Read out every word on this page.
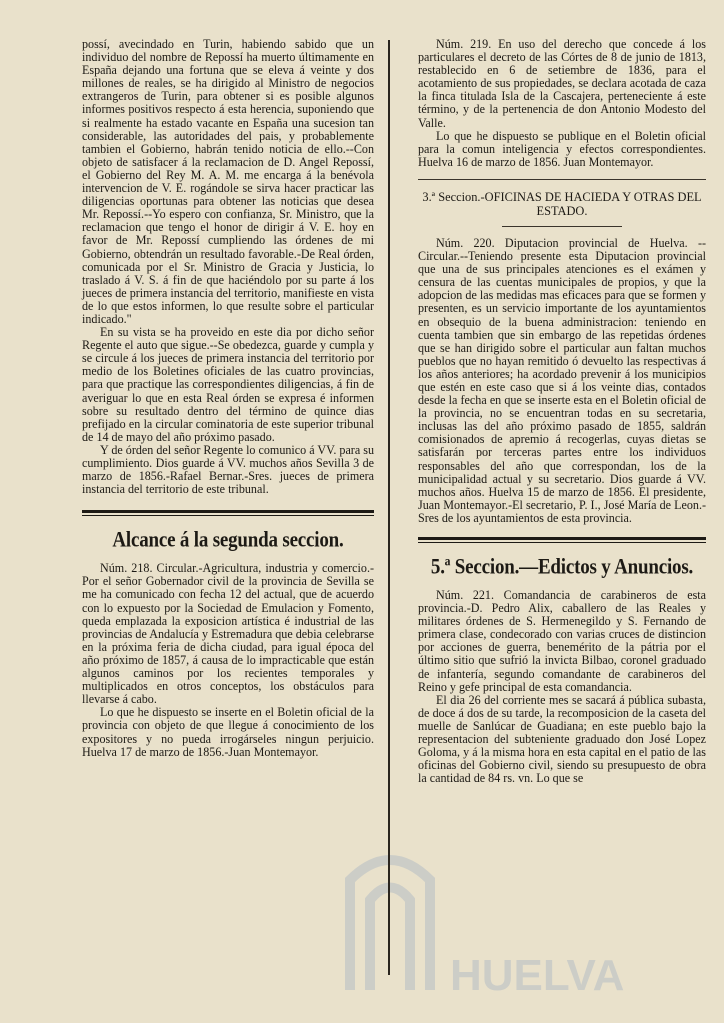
HUELVA

possí, avecindado en Turin, habiendo sabido que un individuo del nombre de Repossí ha muerto últimamente en España dejando una fortuna que se eleva á veinte y dos millones de reales, se ha dirigido al Ministro de negocios extrangeros de Turin, para obtener si es posible algunos informes positivos respecto á esta herencia, suponiendo que si realmente ha estado vacante en España una sucesion tan considerable, las autoridades del pais, y probablemente tambien el Gobierno, habrán tenido noticia de ello.--Con objeto de satisfacer á la reclamacion de D. Angel Repossí, el Gobierno del Rey M. A. M. me encarga á la benévola intervencion de V. E. rogándole se sirva hacer practicar las diligencias oportunas para obtener las noticias que desea Mr. Repossí.--Yo espero con confianza, Sr. Ministro, que la reclamacion que tengo el honor de dirigir á V. E. hoy en favor de Mr. Repossí cumpliendo las órdenes de mi Gobierno, obtendrán un resultado favorable.-De Real órden, comunicada por el Sr. Ministro de Gracia y Justicia, lo traslado á V. S. á fin de que haciéndolo por su parte á los jueces de primera instancia del territorio, manifieste en vista de lo que estos informen, lo que resulte sobre el particular indicado."

En su vista se ha proveido en este dia por dicho señor Regente el auto que sigue.--Se obedezca, guarde y cumpla y se circule á los jueces de primera instancia del territorio por medio de los Boletines oficiales de las cuatro provincias, para que practique las correspondientes diligencias, á fin de averiguar lo que en esta Real órden se expresa é informen sobre su resultado dentro del término de quince dias prefijado en la circular cominatoria de este superior tribunal de 14 de mayo del año próximo pasado.

Y de órden del señor Regente lo comunico á VV. para su cumplimiento. Dios guarde á VV. muchos años Sevilla 3 de marzo de 1856.-Rafael Bernar.-Sres. jueces de primera instancia del territorio de este tribunal.

Alcance á la segunda seccion.

Núm. 218. Circular.-Agricultura, industria y comercio.-Por el señor Gobernador civil de la provincia de Sevilla se me ha comunicado con fecha 12 del actual, que de acuerdo con lo expuesto por la Sociedad de Emulacion y Fomento, queda emplazada la exposicion artística é industrial de las provincias de Andalucía y Estremadura que debia celebrarse en la próxima feria de dicha ciudad, para igual época del año próximo de 1857, á causa de lo impracticable que están algunos caminos por los recientes temporales y multiplicados en otros conceptos, los obstáculos para llevarse á cabo.

Lo que he dispuesto se inserte en el Boletin oficial de la provincia con objeto de que llegue á conocimiento de los expositores y no pueda irrogárseles ningun perjuicio. Huelva 17 de marzo de 1856.-Juan Montemayor.

Núm. 219. En uso del derecho que concede á los particulares el decreto de las Córtes de 8 de junio de 1813, restablecido en 6 de setiembre de 1836, para el acotamiento de sus propiedades, se declara acotada de caza la finca titulada Isla de la Cascajera, perteneciente á este término, y de la pertenencia de don Antonio Modesto del Valle.

Lo que he dispuesto se publique en el Boletin oficial para la comun inteligencia y efectos correspondientes. Huelva 16 de marzo de 1856. Juan Montemayor.

3.ª Seccion.-OFICINAS DE HACIEDA Y OTRAS DEL ESTADO.

Núm. 220. Diputacion provincial de Huelva. --Circular.--Teniendo presente esta Diputacion provincial que una de sus principales atenciones es el exámen y censura de las cuentas municipales de propios, y que la adopcion de las medidas mas eficaces para que se formen y presenten, es un servicio importante de los ayuntamientos en obsequio de la buena administracion: teniendo en cuenta tambien que sin embargo de las repetidas órdenes que se han dirigido sobre el particular aun faltan muchos pueblos que no hayan remitido ó devuelto las respectivas á los años anteriores; ha acordado prevenir á los municipios que estén en este caso que si á los veinte dias, contados desde la fecha en que se inserte esta en el Boletin oficial de la provincia, no se encuentran todas en su secretaria, inclusas las del año próximo pasado de 1855, saldrán comisionados de apremio á recogerlas, cuyas dietas se satisfarán por terceras partes entre los individuos responsables del año que correspondan, los de la municipalidad actual y su secretario. Dios guarde á VV. muchos años. Huelva 15 de marzo de 1856. El presidente, Juan Montemayor.-El secretario, P. I., José María de Leon.-Sres de los ayuntamientos de esta provincia.

5.ª Seccion.—Edictos y Anuncios.

Núm. 221. Comandancia de carabineros de esta provincia.-D. Pedro Alix, caballero de las Reales y militares órdenes de S. Hermenegildo y S. Fernando de primera clase, condecorado con varias cruces de distincion por acciones de guerra, benemérito de la pátria por el último sitio que sufrió la invicta Bilbao, coronel graduado de infantería, segundo comandante de carabineros del Reino y gefe principal de esta comandancia.

El dia 26 del corriente mes se sacará á pública subasta, de doce á dos de su tarde, la recomposicion de la caseta del muelle de Sanlúcar de Guadiana; en este pueblo bajo la representacion del subteniente graduado don José Lopez Goloma, y á la misma hora en esta capital en el patio de las oficinas del Gobierno civil, siendo su presupuesto de obra la cantidad de 84 rs. vn. Lo que se
